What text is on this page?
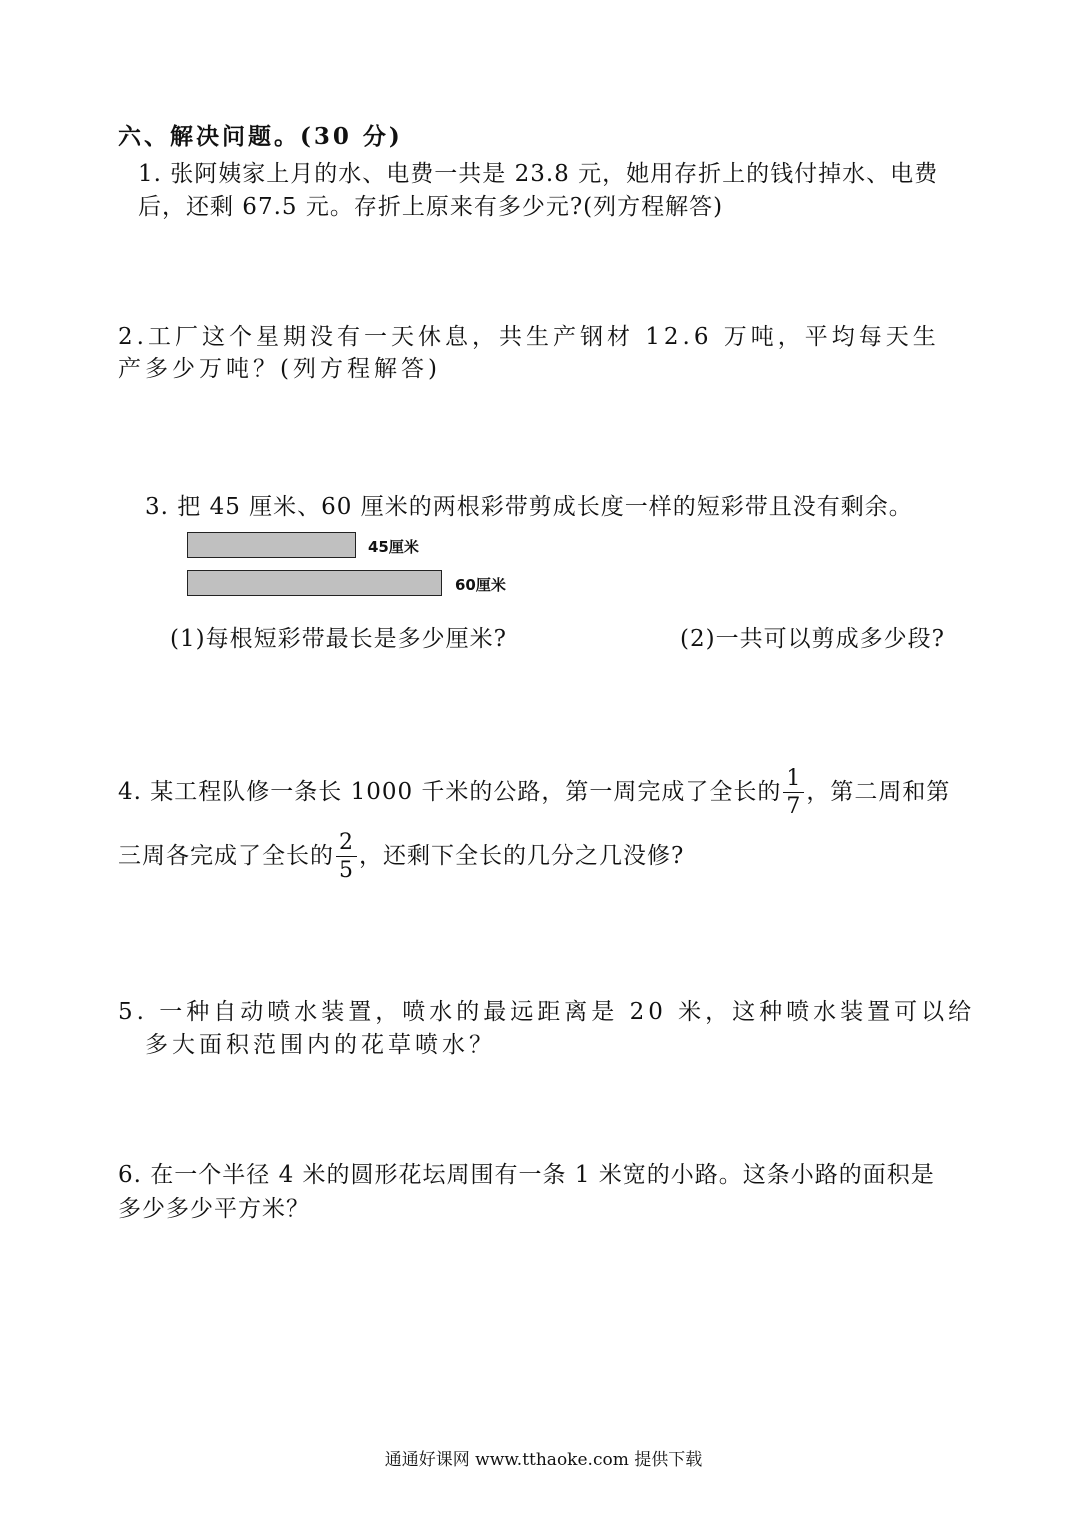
六、解决问题。(30 分)
1. 张阿姨家上月的水、电费一共是 23.8 元，她用存折上的钱付掉水、电费
后，还剩 67.5 元。存折上原来有多少元?(列方程解答)
2.工厂这个星期没有一天休息，共生产钢材 12.6 万吨，平均每天生
产多少万吨？(列方程解答)
3. 把 45 厘米、60 厘米的两根彩带剪成长度一样的短彩带且没有剩余。
45厘米
60厘米
(1)每根短彩带最长是多少厘米?	(2)一共可以剪成多少段?
4. 某工程队修一条长 1000 千米的公路，第一周完成了全长的 $\frac{1}{7}$ ，第二周和第
三周各完成了全长的 $\frac{2}{5}$ ，还剩下全长的几分之几没修?
5. 一种自动喷水装置，喷水的最远距离是 20 米，这种喷水装置可以给
多大面积范围内的花草喷水？
6. 在一个半径 4 米的圆形花坛周围有一条 1 米宽的小路。这条小路的面积是
多少多少平方米？
通通好课网 www.tthaoke.com 提供下载
